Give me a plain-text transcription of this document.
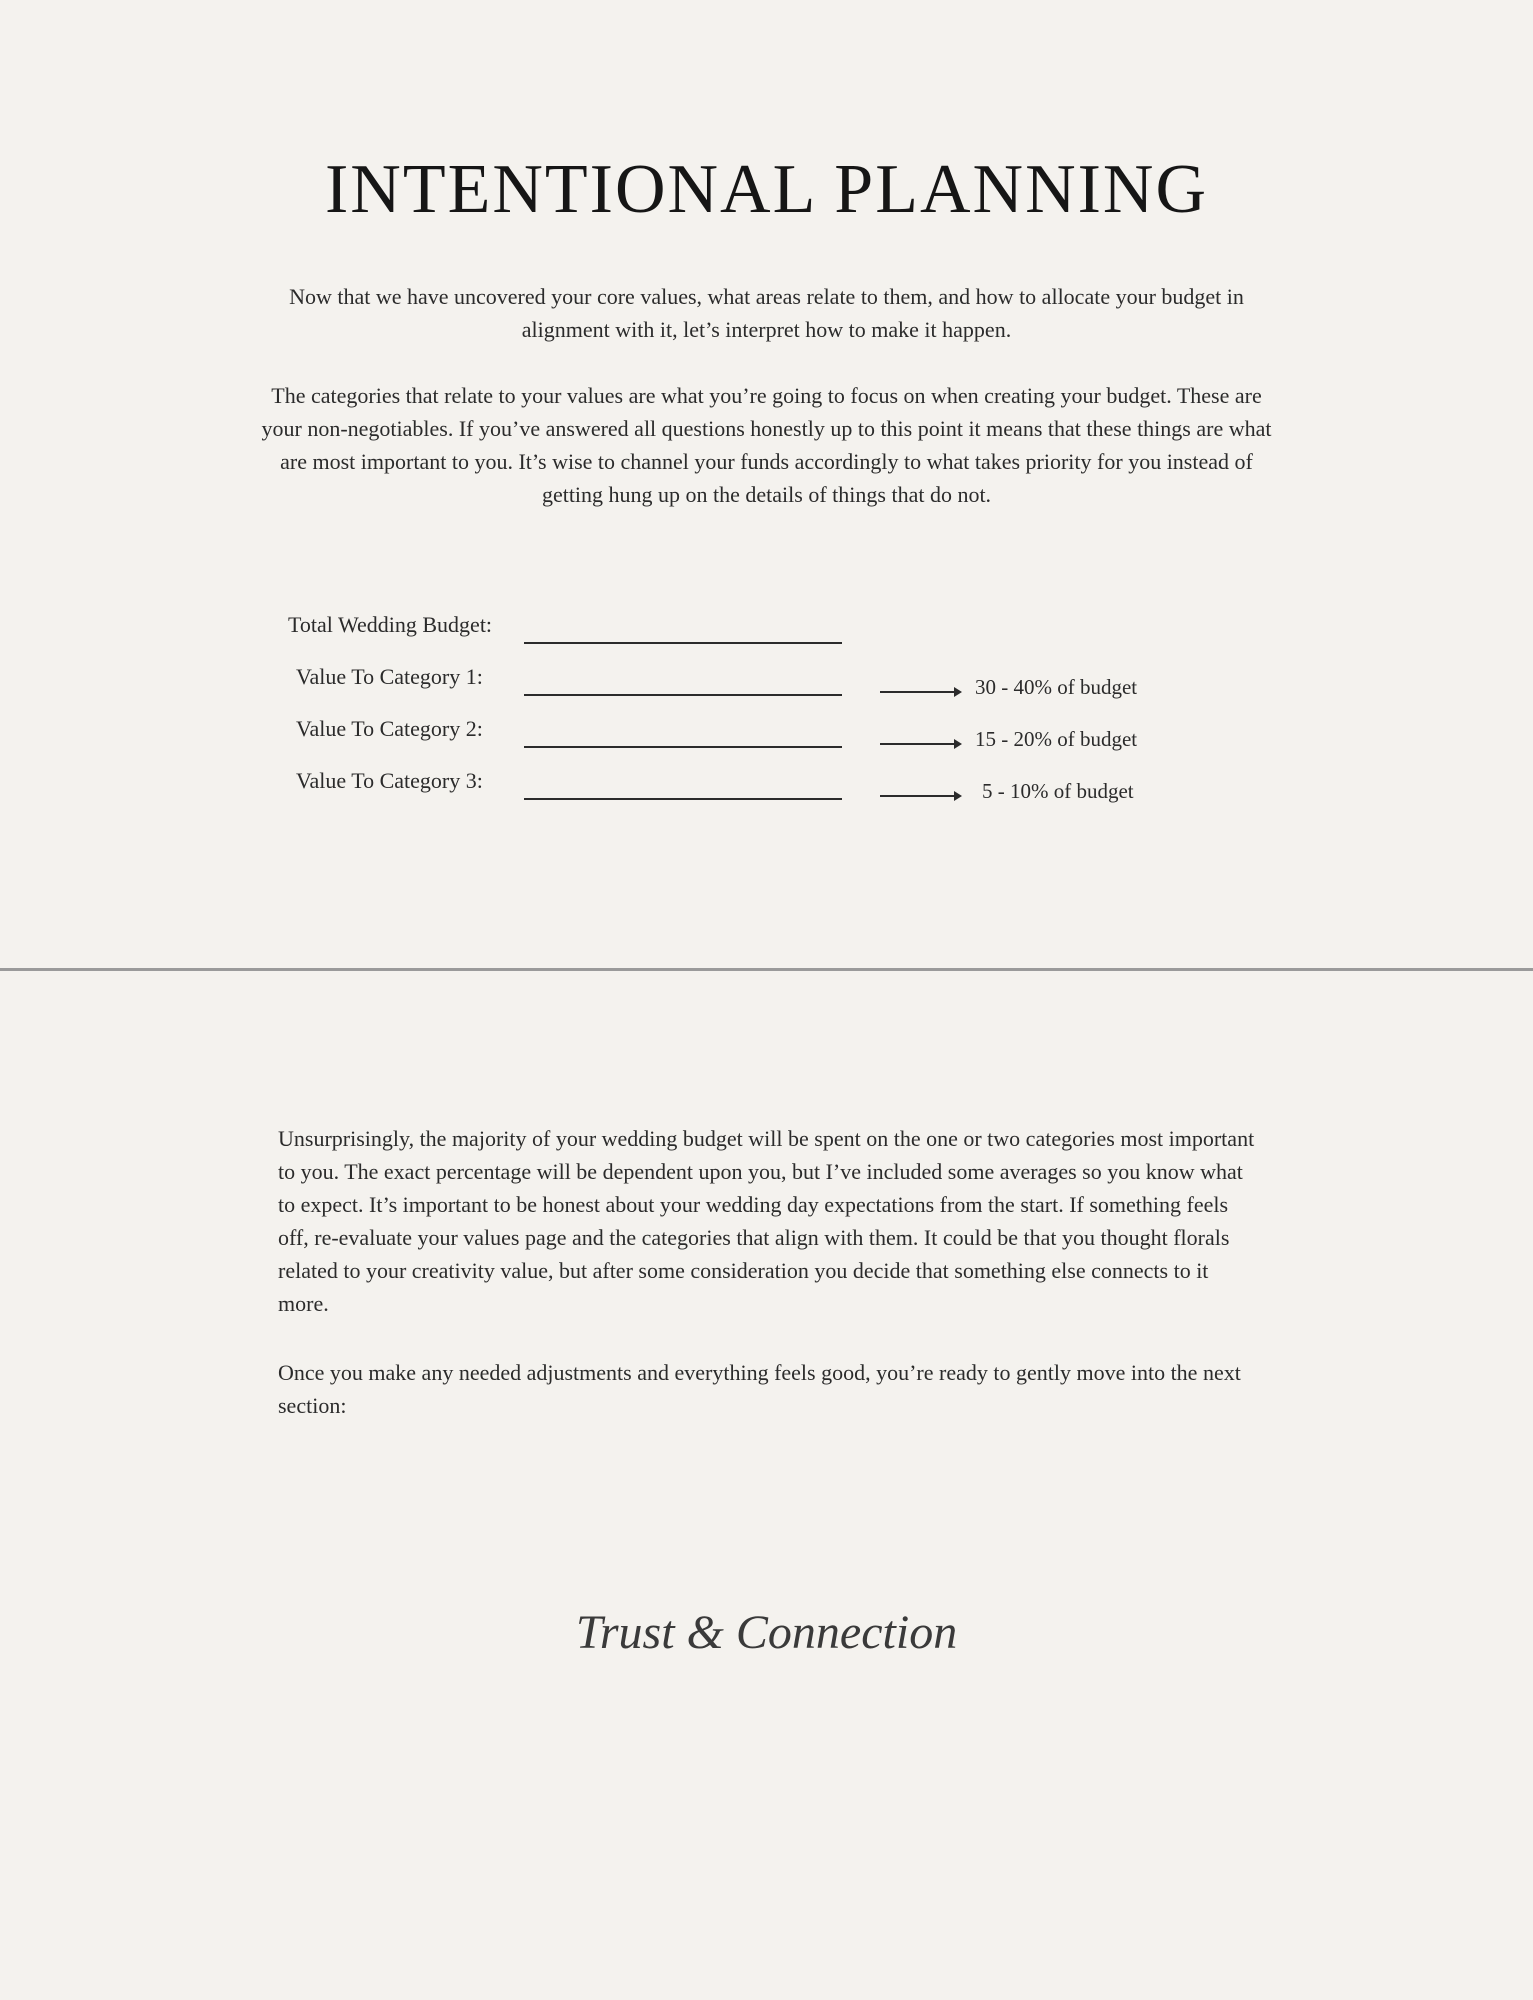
INTENTIONAL PLANNING

Now that we have uncovered your core values, what areas relate to them, and how to allocate your budget in alignment with it, let’s interpret how to make it happen.

The categories that relate to your values are what you’re going to focus on when creating your budget. These are your non-negotiables. If you’ve answered all questions honestly up to this point it means that these things are what are most important to you. It’s wise to channel your funds accordingly to what takes priority for you instead of getting hung up on the details of things that do not.

Total Wedding Budget:
Value To Category 1:	30 - 40% of budget
Value To Category 2:	15 - 20% of budget
Value To Category 3:	5 - 10% of budget

Unsurprisingly, the majority of your wedding budget will be spent on the one or two categories most important to you. The exact percentage will be dependent upon you, but I’ve included some averages so you know what to expect. It’s important to be honest about your wedding day expectations from the start. If something feels off, re-evaluate your values page and the categories that align with them. It could be that you thought florals related to your creativity value, but after some consideration you decide that something else connects to it more.

Once you make any needed adjustments and everything feels good, you’re ready to gently move into the next section:

Trust & Connection
